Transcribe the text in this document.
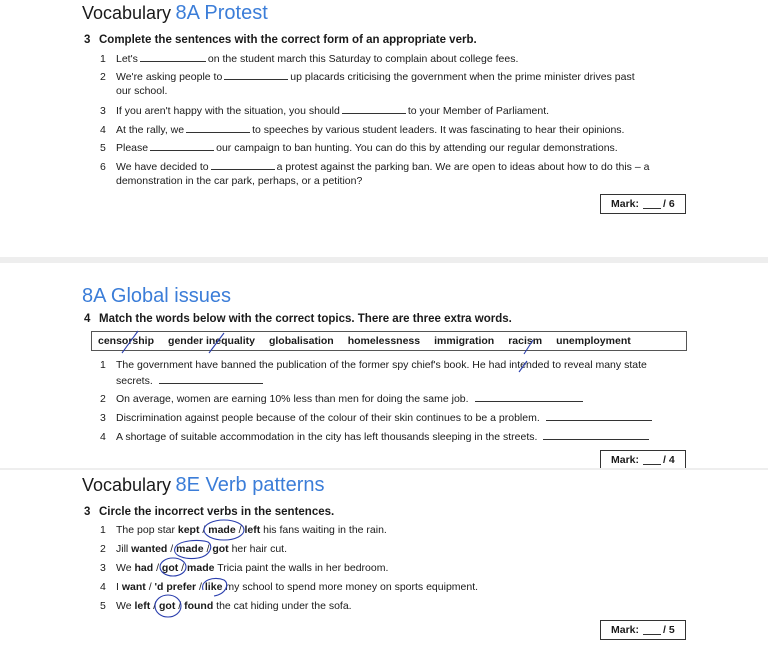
Vocabulary 8A Protest
3 Complete the sentences with the correct form of an appropriate verb.
1 Let's	on the student march this Saturday to complain about college fees.
2 We're asking people to	up placards criticising the government when the prime minister drives past
our school.
3 If you aren't happy with the situation, you should	to your Member of Parliament.
4 At the rally, we	to speeches by various student leaders. It was fascinating to hear their opinions.
5 Please	our campaign to ban hunting. You can do this by attending our regular demonstrations.
6 We have decided to	a protest against the parking ban. We are open to ideas about how to do this – a
demonstration in the car park, perhaps, or a petition?
Mark: / 6
8A Global issues
4 Match the words below with the correct topics. There are three extra words.
censorship gender inequality globalisation homelessness immigration racism unemployment
1 The government have banned the publication of the former spy chief's book. He had intended to reveal many state
secrets.
2 On average, women are earning 10% less than men for doing the same job.
3 Discrimination against people because of the colour of their skin continues to be a problem.
4 A shortage of suitable accommodation in the city has left thousands sleeping in the streets.
Mark: / 4
Vocabulary 8E Verb patterns
3 Circle the incorrect verbs in the sentences.
1 The pop star kept / made / left his fans waiting in the rain.
2 Jill wanted / made / got her hair cut.
3 We had / got / made Tricia paint the walls in her bedroom.
4 I want / 'd prefer / like my school to spend more money on sports equipment.
5 We left / got / found the cat hiding under the sofa.
Mark: / 5
